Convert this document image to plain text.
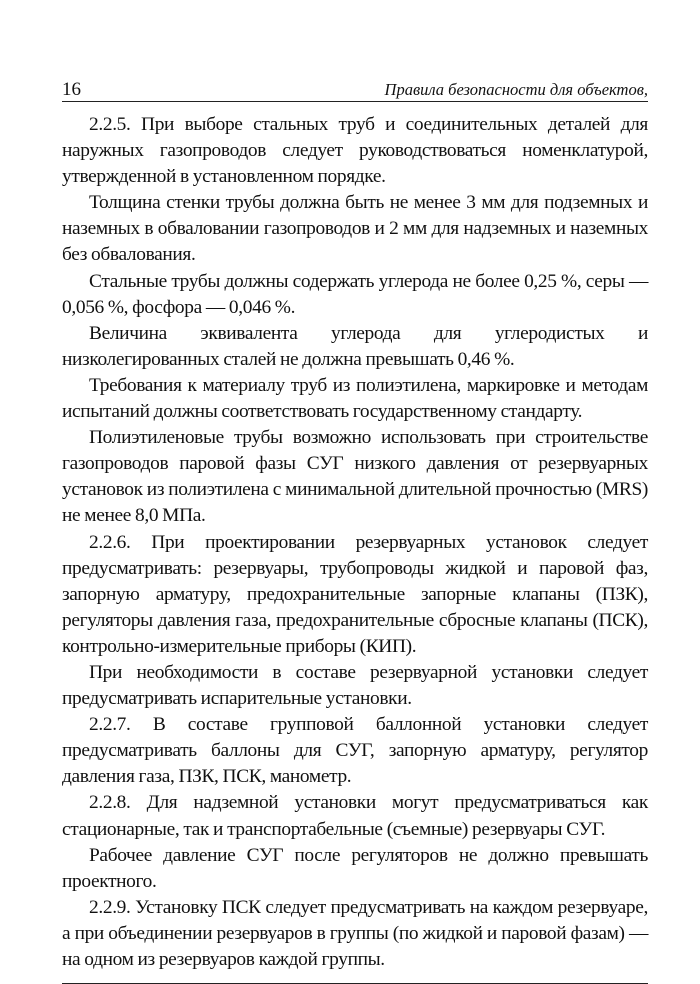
16	Правила безопасности для объектов,

2.2.5. При выборе стальных труб и соединительных деталей для наружных газопроводов следует руководствоваться номенклатурой, утвержденной в установленном порядке.

Толщина стенки трубы должна быть не менее 3 мм для подземных и наземных в обваловании газопроводов и 2 мм для надземных и наземных без обвалования.

Стальные трубы должны содержать углерода не более 0,25 %, серы — 0,056 %, фосфора — 0,046 %.

Величина эквивалента углерода для углеродистых и низколегированных сталей не должна превышать 0,46 %.

Требования к материалу труб из полиэтилена, маркировке и методам испытаний должны соответствовать государственному стандарту.

Полиэтиленовые трубы возможно использовать при строительстве газопроводов паровой фазы СУГ низкого давления от резервуарных установок из полиэтилена с минимальной длительной прочностью (MRS) не менее 8,0 МПа.

2.2.6. При проектировании резервуарных установок следует предусматривать: резервуары, трубопроводы жидкой и паровой фаз, запорную арматуру, предохранительные запорные клапаны (ПЗК), регуляторы давления газа, предохранительные сбросные клапаны (ПСК), контрольно-измерительные приборы (КИП).

При необходимости в составе резервуарной установки следует предусматривать испарительные установки.

2.2.7. В составе групповой баллонной установки следует предусматривать баллоны для СУГ, запорную арматуру, регулятор давления газа, ПЗК, ПСК, манометр.

2.2.8. Для надземной установки могут предусматриваться как стационарные, так и транспортабельные (съемные) резервуары СУГ.

Рабочее давление СУГ после регуляторов не должно превышать проектного.

2.2.9. Установку ПСК следует предусматривать на каждом резервуаре, а при объединении резервуаров в группы (по жидкой и паровой фазам) — на одном из резервуаров каждой группы.
